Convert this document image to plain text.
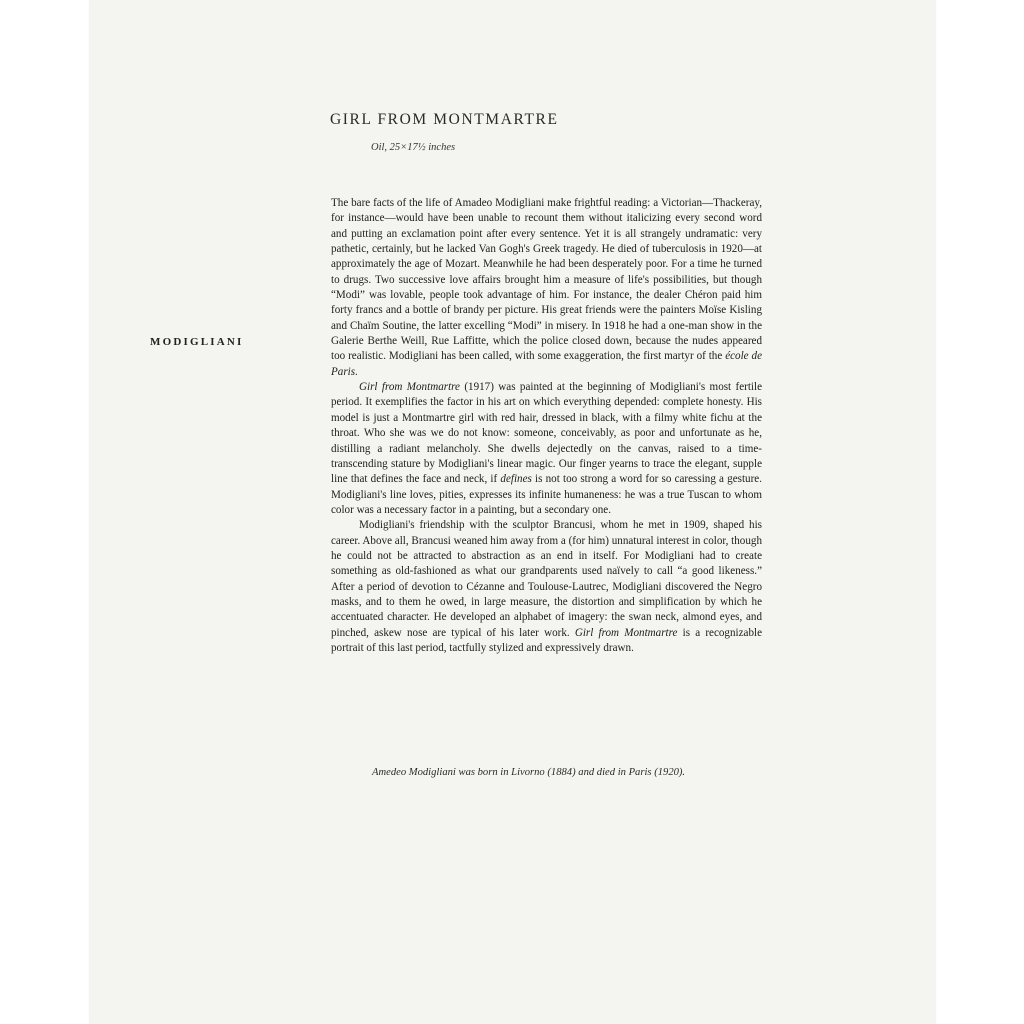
GIRL FROM MONTMARTRE
Oil, 25×17½ inches
MODIGLIANI

The bare facts of the life of Amadeo Modigliani make frightful reading: a Victorian—Thackeray, for instance—would have been unable to recount them without italicizing every second word and putting an exclamation point after every sentence. Yet it is all strangely undramatic: very pathetic, certainly, but he lacked Van Gogh's Greek tragedy. He died of tuberculosis in 1920—at approximately the age of Mozart. Meanwhile he had been desperately poor. For a time he turned to drugs. Two successive love affairs brought him a measure of life's possibilities, but though “Modi” was lovable, people took advantage of him. For instance, the dealer Chéron paid him forty francs and a bottle of brandy per picture. His great friends were the painters Moïse Kisling and Chaïm Soutine, the latter excelling “Modi” in misery. In 1918 he had a one-man show in the Galerie Berthe Weill, Rue Laffitte, which the police closed down, because the nudes appeared too realistic. Modigliani has been called, with some exaggeration, the first martyr of the école de Paris.

Girl from Montmartre (1917) was painted at the beginning of Modigliani's most fertile period. It exemplifies the factor in his art on which everything depended: complete honesty. His model is just a Montmartre girl with red hair, dressed in black, with a filmy white fichu at the throat. Who she was we do not know: someone, conceivably, as poor and unfortunate as he, distilling a radiant melancholy. She dwells dejectedly on the canvas, raised to a time-transcending stature by Modigliani's linear magic. Our finger yearns to trace the elegant, supple line that defines the face and neck, if defines is not too strong a word for so caressing a gesture. Modigliani's line loves, pities, expresses its infinite humaneness: he was a true Tuscan to whom color was a necessary factor in a painting, but a secondary one.

Modigliani's friendship with the sculptor Brancusi, whom he met in 1909, shaped his career. Above all, Brancusi weaned him away from a (for him) unnatural interest in color, though he could not be attracted to abstraction as an end in itself. For Modigliani had to create something as old-fashioned as what our grandparents used naïvely to call “a good likeness.” After a period of devotion to Cézanne and Toulouse-Lautrec, Modigliani discovered the Negro masks, and to them he owed, in large measure, the distortion and simplification by which he accentuated character. He developed an alphabet of imagery: the swan neck, almond eyes, and pinched, askew nose are typical of his later work. Girl from Montmartre is a recognizable portrait of this last period, tactfully stylized and expressively drawn.

Amedeo Modigliani was born in Livorno (1884) and died in Paris (1920).
